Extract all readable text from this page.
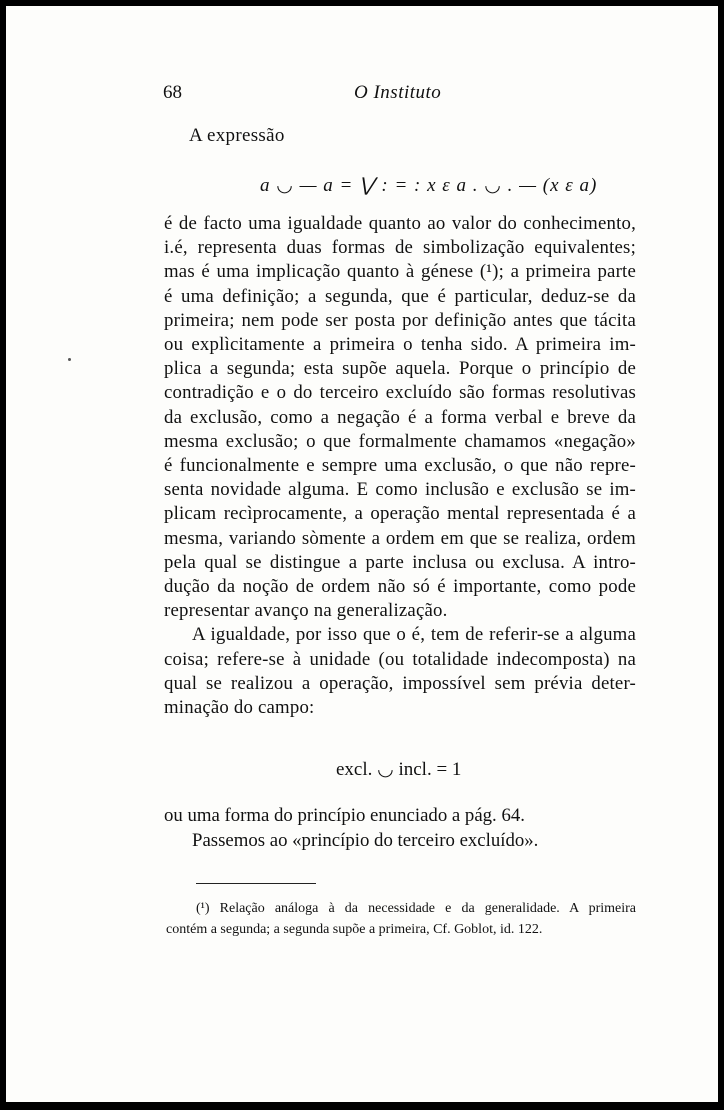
68	O Instituto
A expressão
a ◡ — a = ⋁ : = : x ε a . ◡ . — (x ε a)
é de facto uma igualdade quanto ao valor do conhecimento,
i.é, representa duas formas de simbolização equivalentes;
mas é uma implicação quanto à génese (¹); a primeira parte
é uma definição; a segunda, que é particular, deduz-se da
primeira; nem pode ser posta por definição antes que tácita
ou explìcitamente a primeira o tenha sido. A primeira im-
plica a segunda; esta supõe aquela. Porque o princípio de
contradição e o do terceiro excluído são formas resolutivas
da exclusão, como a negação é a forma verbal e breve da
mesma exclusão; o que formalmente chamamos «negação»
é funcionalmente e sempre uma exclusão, o que não repre-
senta novidade alguma. E como inclusão e exclusão se im-
plicam recìprocamente, a operação mental representada é a
mesma, variando sòmente a ordem em que se realiza, ordem
pela qual se distingue a parte inclusa ou exclusa. A intro-
dução da noção de ordem não só é importante, como pode
representar avanço na generalização.
A igualdade, por isso que o é, tem de referir-se a alguma
coisa; refere-se à unidade (ou totalidade indecomposta) na
qual se realizou a operação, impossível sem prévia deter-
minação do campo:
excl. ◡ incl. = 1
ou uma forma do princípio enunciado a pág. 64.
Passemos ao «princípio do terceiro excluído».
(¹) Relação análoga à da necessidade e da generalidade. A primeira
contém a segunda; a segunda supõe a primeira, Cf. Goblot, id. 122.
